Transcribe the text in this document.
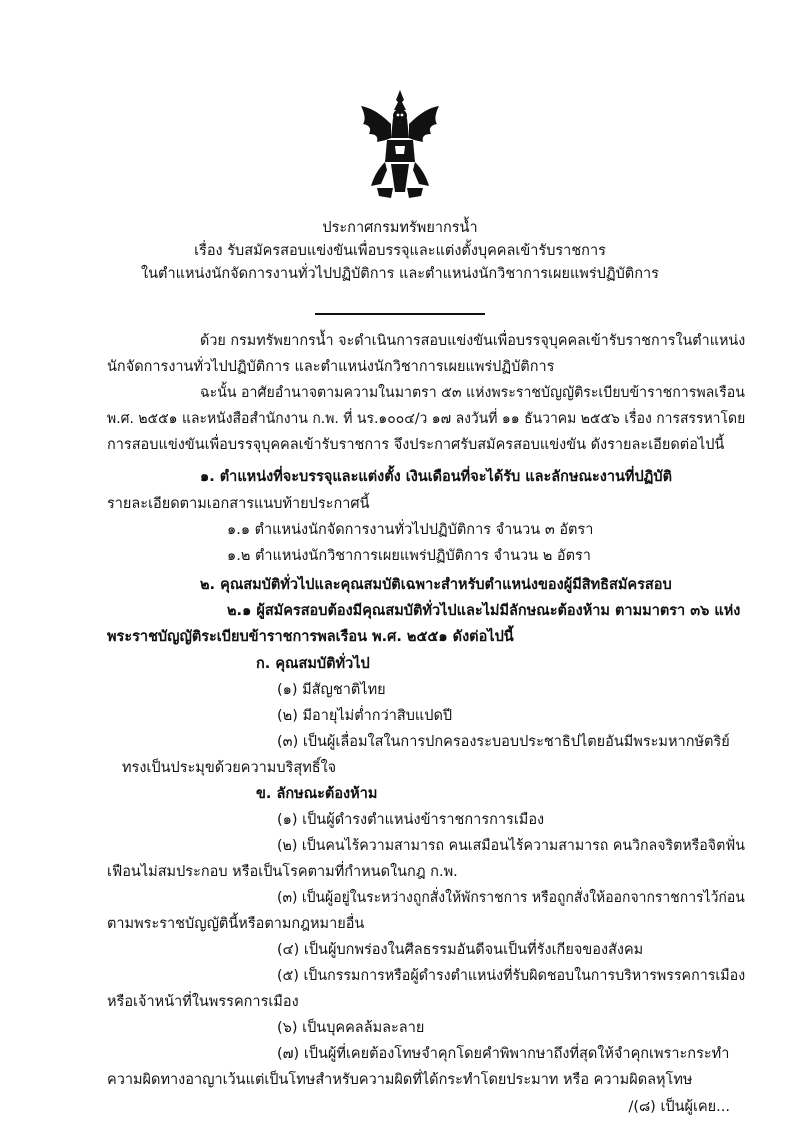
ประกาศกรมทรัพยากรน้ำ
เรื่อง รับสมัครสอบแข่งขันเพื่อบรรจุและแต่งตั้งบุคคลเข้ารับราชการ
ในตำแหน่งนักจัดการงานทั่วไปปฏิบัติการ และตำแหน่งนักวิชาการเผยแพร่ปฏิบัติการ
ด้วย กรมทรัพยากรน้ำ จะดำเนินการสอบแข่งขันเพื่อบรรจุบุคคลเข้ารับราชการในตำแหน่ง
นักจัดการงานทั่วไปปฏิบัติการ และตำแหน่งนักวิชาการเผยแพร่ปฏิบัติการ
ฉะนั้น อาศัยอำนาจตามความในมาตรา ๕๓ แห่งพระราชบัญญัติระเบียบข้าราชการพลเรือน
พ.ศ. ๒๕๕๑ และหนังสือสำนักงาน ก.พ. ที่ นร.๑๐๐๔/ว ๑๗ ลงวันที่ ๑๑ ธันวาคม ๒๕๕๖ เรื่อง การสรรหาโดย
การสอบแข่งขันเพื่อบรรจุบุคคลเข้ารับราชการ จึงประกาศรับสมัครสอบแข่งขัน ดังรายละเอียดต่อไปนี้
๑. ตำแหน่งที่จะบรรจุและแต่งตั้ง เงินเดือนที่จะได้รับ และลักษณะงานที่ปฏิบัติ
รายละเอียดตามเอกสารแนบท้ายประกาศนี้
๑.๑ ตำแหน่งนักจัดการงานทั่วไปปฏิบัติการ จำนวน ๓ อัตรา
๑.๒ ตำแหน่งนักวิชาการเผยแพร่ปฏิบัติการ จำนวน ๒ อัตรา
๒. คุณสมบัติทั่วไปและคุณสมบัติเฉพาะสำหรับตำแหน่งของผู้มีสิทธิสมัครสอบ
๒.๑ ผู้สมัครสอบต้องมีคุณสมบัติทั่วไปและไม่มีลักษณะต้องห้าม ตามมาตรา ๓๖ แห่ง
พระราชบัญญัติระเบียบข้าราชการพลเรือน พ.ศ. ๒๕๕๑ ดังต่อไปนี้
ก. คุณสมบัติทั่วไป
(๑) มีสัญชาติไทย
(๒) มีอายุไม่ต่ำกว่าสิบแปดปี
(๓) เป็นผู้เลื่อมใสในการปกครองระบอบประชาธิปไตยอันมีพระมหากษัตริย์
ทรงเป็นประมุขด้วยความบริสุทธิ์ใจ
ข. ลักษณะต้องห้าม
(๑) เป็นผู้ดำรงตำแหน่งข้าราชการการเมือง
(๒) เป็นคนไร้ความสามารถ คนเสมือนไร้ความสามารถ คนวิกลจริตหรือจิตฟั่น
เฟือนไม่สมประกอบ หรือเป็นโรคตามที่กำหนดในกฎ ก.พ.
(๓) เป็นผู้อยู่ในระหว่างถูกสั่งให้พักราชการ หรือถูกสั่งให้ออกจากราชการไว้ก่อน
ตามพระราชบัญญัตินี้หรือตามกฎหมายอื่น
(๔) เป็นผู้บกพร่องในศีลธรรมอันดีจนเป็นที่รังเกียจของสังคม
(๕) เป็นกรรมการหรือผู้ดำรงตำแหน่งที่รับผิดชอบในการบริหารพรรคการเมือง
หรือเจ้าหน้าที่ในพรรคการเมือง
(๖) เป็นบุคคลล้มละลาย
(๗) เป็นผู้ที่เคยต้องโทษจำคุกโดยคำพิพากษาถึงที่สุดให้จำคุกเพราะกระทำ
ความผิดทางอาญาเว้นแต่เป็นโทษสำหรับความผิดที่ได้กระทำโดยประมาท หรือ ความผิดลหุโทษ
/(๘) เป็นผู้เคย...
